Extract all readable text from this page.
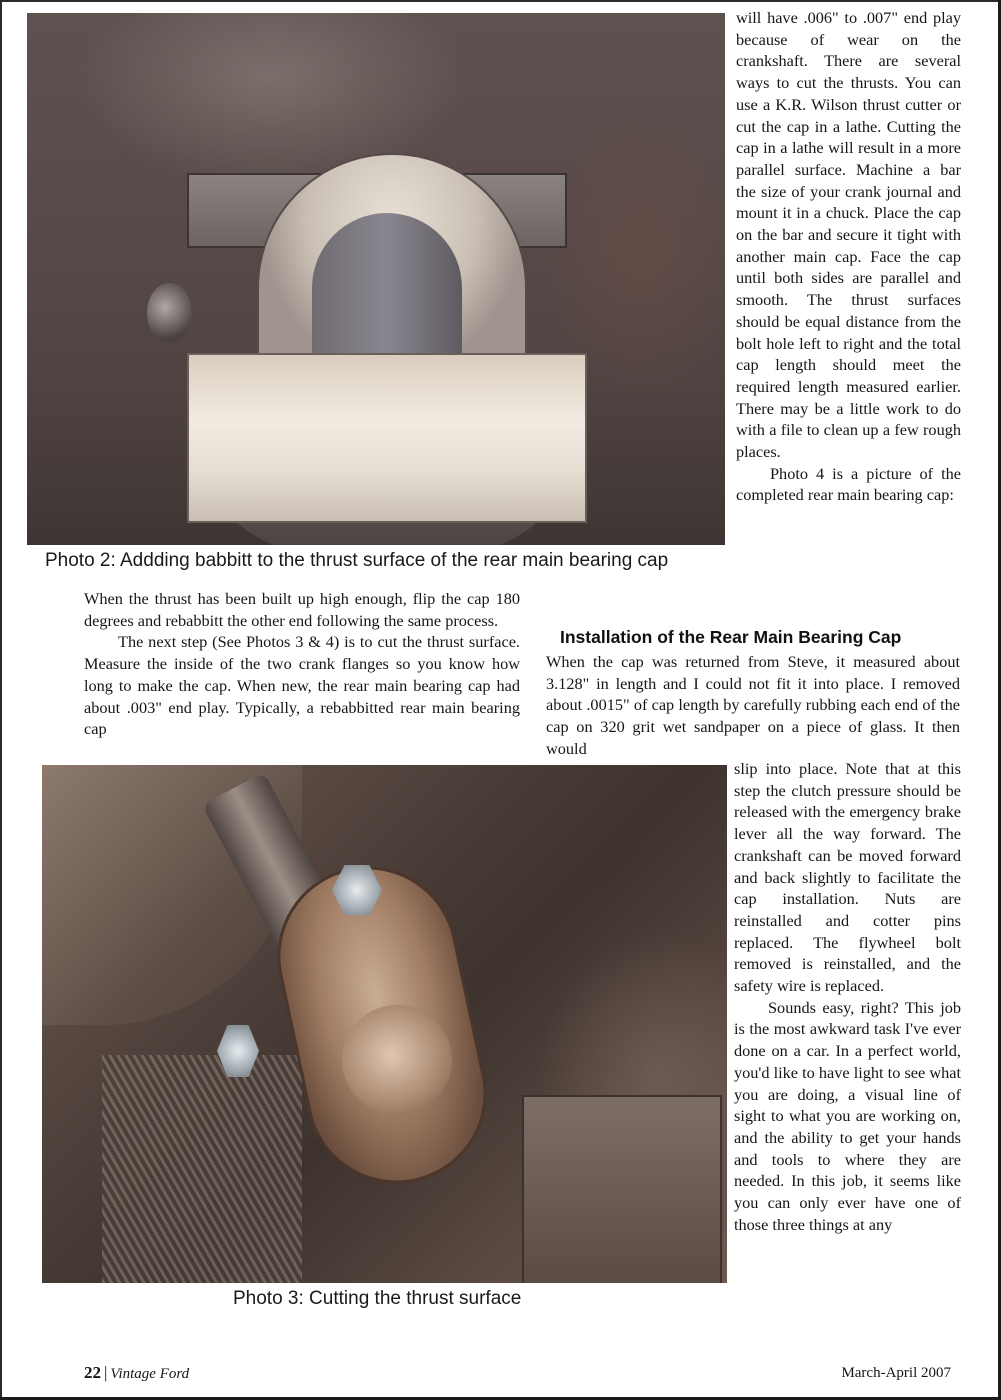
Photo 2: Addding babbitt to the thrust surface of the rear main bearing cap

will have .006" to .007" end play because of wear on the crankshaft. There are several ways to cut the thrusts. You can use a K.R. Wilson thrust cutter or cut the cap in a lathe. Cutting the cap in a lathe will result in a more parallel surface. Machine a bar the size of your crank journal and mount it in a chuck. Place the cap on the bar and secure it tight with another main cap. Face the cap until both sides are parallel and smooth. The thrust surfaces should be equal distance from the bolt hole left to right and the total cap length should meet the required length measured earlier. There may be a little work to do with a file to clean up a few rough places.

Photo 4 is a picture of the completed rear main bearing cap:

When the thrust has been built up high enough, flip the cap 180 degrees and rebabbitt the other end following the same process.

The next step (See Photos 3 & 4) is to cut the thrust surface. Measure the inside of the two crank flanges so you know how long to make the cap. When new, the rear main bearing cap had about .003" end play. Typically, a rebabbitted rear main bearing cap

Installation of the Rear Main Bearing Cap

When the cap was returned from Steve, it measured about 3.128" in length and I could not fit it into place. I removed about .0015" of cap length by carefully rubbing each end of the cap on 320 grit wet sandpaper on a piece of glass. It then would

Photo 3: Cutting the thrust surface

slip into place. Note that at this step the clutch pressure should be released with the emergency brake lever all the way forward. The crankshaft can be moved forward and back slightly to facilitate the cap installation. Nuts are reinstalled and cotter pins replaced. The flywheel bolt removed is reinstalled, and the safety wire is replaced.

Sounds easy, right? This job is the most awkward task I've ever done on a car. In a perfect world, you'd like to have light to see what you are doing, a visual line of sight to what you are working on, and the ability to get your hands and tools to where they are needed. In this job, it seems like you can only ever have one of those three things at any

22 | Vintage Ford	March-April 2007
